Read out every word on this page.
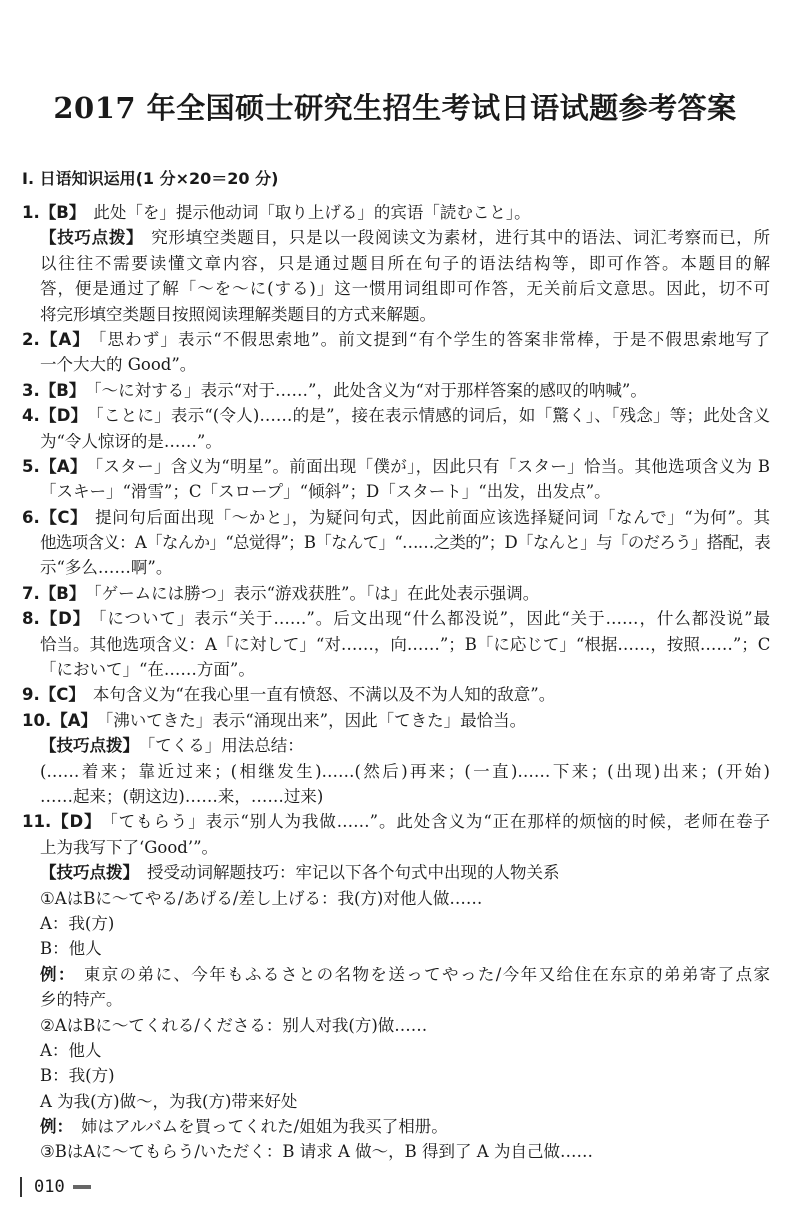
2017 年全国硕士研究生招生考试日语试题参考答案
Ⅰ. 日语知识运用(1 分×20＝20 分)
1.【B】 此处「を」提示他动词「取り上げる」的宾语「読むこと」。
【技巧点拨】 究形填空类题目，只是以一段阅读文为素材，进行其中的语法、词汇考察而已，所
以往往不需要读懂文章内容，只是通过题目所在句子的语法结构等，即可作答。本题目的解
答，便是通过了解「～を～に(する)」这一惯用词组即可作答，无关前后文意思。因此，切不可
将完形填空类题目按照阅读理解类题目的方式来解题。
2.【A】 「思わず」表示“不假思索地”。前文提到“有个学生的答案非常棒，于是不假思索地写了
一个大大的 Good”。
3.【B】 「～に対する」表示“对于……”，此处含义为“对于那样答案的感叹的呐喊”。
4.【D】 「ことに」表示“(令人)……的是”，接在表示情感的词后，如「驚く」、「残念」等；此处含义
为“令人惊讶的是……”。
5.【A】 「スター」含义为“明星”。前面出现「僕が」，因此只有「スター」恰当。其他选项含义为 B
「スキー」“滑雪”；C「スロープ」“倾斜”；D「スタート」“出发，出发点”。
6.【C】 提问句后面出现「～かと」，为疑问句式，因此前面应该选择疑问词「なんで」“为何”。其
他选项含义：A「なんか」“总觉得”；B「なんて」“……之类的”；D「なんと」与「のだろう」搭配，表
示“多么……啊”。
7.【B】 「ゲームには勝つ」表示“游戏获胜”。「は」在此处表示强调。
8.【D】 「について」表示“关于……”。后文出现“什么都没说”，因此“关于……，什么都没说”最
恰当。其他选项含义：A「に対して」“对……，向……”；B「に応じて」“根据……，按照……”；C
「において」“在……方面”。
9.【C】 本句含义为“在我心里一直有愤怒、不满以及不为人知的敌意”。
10.【A】 「沸いてきた」表示“涌现出来”，因此「てきた」最恰当。
【技巧点拨】 「てくる」用法总结：
(……着来；靠近过来；(相继发生)……(然后)再来；(一直)……下来；(出现)出来；(开始)
……起来；(朝这边)……来，……过来)
11.【D】 「てもらう」表示“别人为我做……”。此处含义为“正在那样的烦恼的时候，老师在卷子
上为我写下了‘Good’”。
【技巧点拨】 授受动词解题技巧：牢记以下各个句式中出现的人物关系
①AはBに～てやる/あげる/差し上げる：我(方)对他人做……
A：我(方)
B：他人
例： 東京の弟に、今年もふるさとの名物を送ってやった/今年又给住在东京的弟弟寄了点家
乡的特产。
②AはBに～てくれる/くださる：别人对我(方)做……
A：他人
B：我(方)
A 为我(方)做～，为我(方)带来好处
例： 姉はアルバムを買ってくれた/姐姐为我买了相册。
③BはAに～てもらう/いただく：B 请求 A 做～，B 得到了 A 为自己做……
010
